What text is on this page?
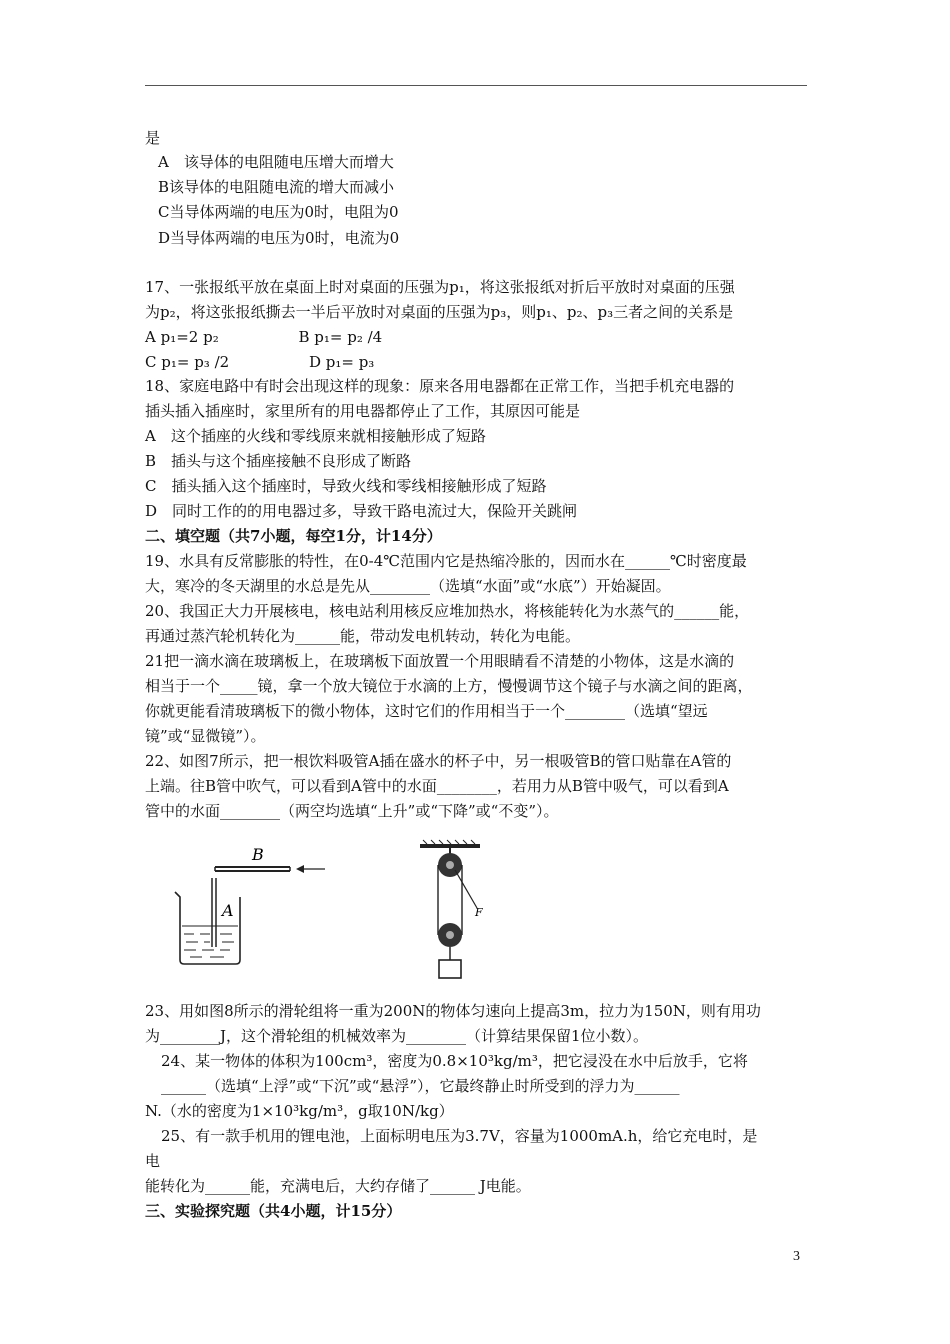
是
A　该导体的电阻随电压增大而增大
B该导体的电阻随电流的增大而减小
C当导体两端的电压为0时，电阻为0
D当导体两端的电压为0时，电流为0
17、一张报纸平放在桌面上时对桌面的压强为p₁，将这张报纸对折后平放时对桌面的压强
为p₂，将这张报纸撕去一半后平放时对桌面的压强为p₃，则p₁、p₂、p₃三者之间的关系是
A p₁=2 p₂　　　　　 B p₁= p₂ /4
C p₁= p₃ /2　　　　　 D p₁= p₃
18、家庭电路中有时会出现这样的现象：原来各用电器都在正常工作，当把手机充电器的
插头插入插座时，家里所有的用电器都停止了工作，其原因可能是
A　这个插座的火线和零线原来就相接触形成了短路
B　插头与这个插座接触不良形成了断路
C　插头插入这个插座时，导致火线和零线相接触形成了短路
D　同时工作的的用电器过多，导致干路电流过大，保险开关跳闸
二、填空题（共7小题，每空1分，计14分）
19、水具有反常膨胀的特性，在0-4℃范围内它是热缩冷胀的，因而水在______℃时密度最
大，寒冷的冬天湖里的水总是先从________（选填“水面”或“水底”）开始凝固。
20、我国正大力开展核电，核电站利用核反应堆加热水，将核能转化为水蒸气的______能，
再通过蒸汽轮机转化为______能，带动发电机转动，转化为电能。
21把一滴水滴在玻璃板上，在玻璃板下面放置一个用眼睛看不清楚的小物体，这是水滴的
相当于一个_____镜，拿一个放大镜位于水滴的上方，慢慢调节这个镜子与水滴之间的距离，
你就更能看清玻璃板下的微小物体，这时它们的作用相当于一个________（选填“望远
镜”或“显微镜”）。
22、如图7所示，把一根饮料吸管A插在盛水的杯子中，另一根吸管B的管口贴靠在A管的
上端。往B管中吹气，可以看到A管中的水面________，若用力从B管中吸气，可以看到A
管中的水面________（两空均选填“上升”或“下降”或“不变”）。
B
A	F
23、用如图8所示的滑轮组将一重为200N的物体匀速向上提高3m，拉力为150N，则有用功
为________J，这个滑轮组的机械效率为________（计算结果保留1位小数）。
24、某一物体的体积为100cm³，密度为0.8×10³kg/m³，把它浸没在水中后放手，它将
______（选填“上浮”或“下沉”或“悬浮”），它最终静止时所受到的浮力为______
N.（水的密度为1×10³kg/m³，g取10N/kg）
25、有一款手机用的锂电池，上面标明电压为3.7V，容量为1000mA.h，给它充电时，是
电
能转化为______能，充满电后，大约存储了______ J电能。
三、实验探究题（共4小题，计15分）
3
